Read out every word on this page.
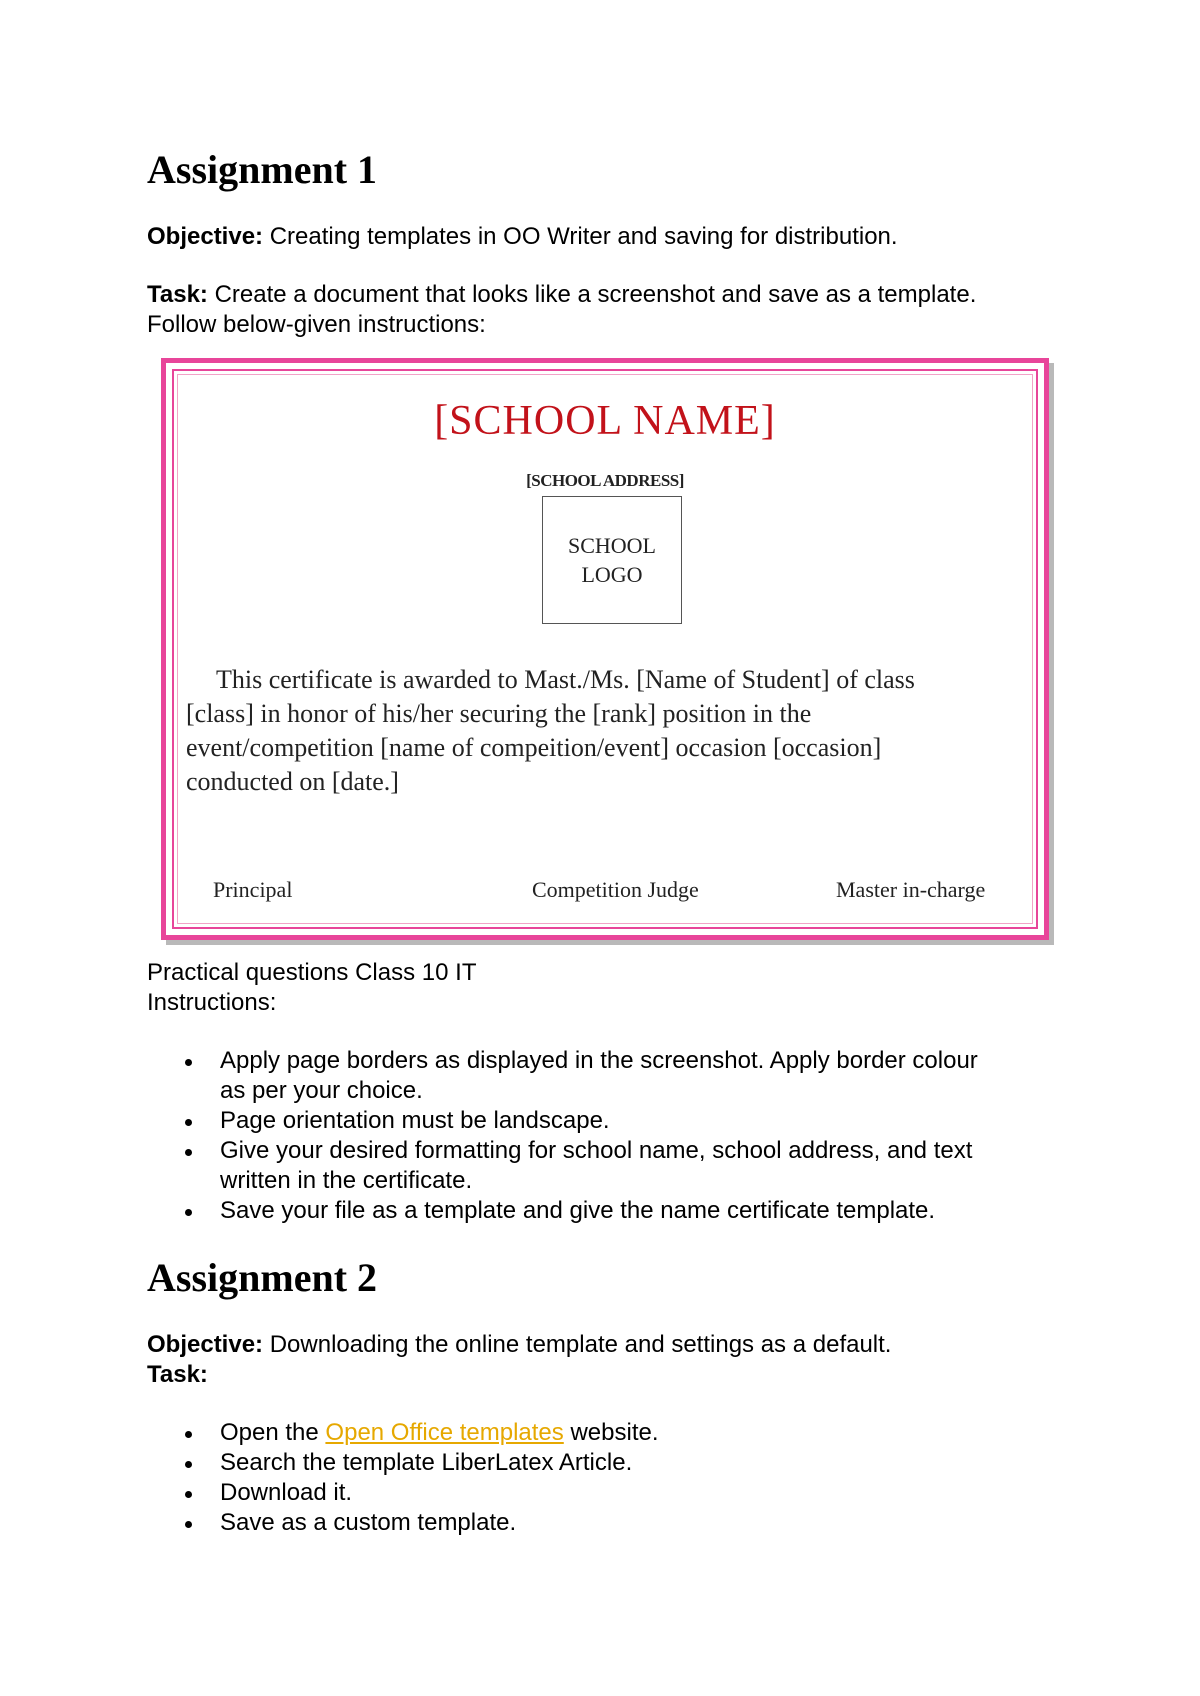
Assignment 1
Objective: Creating templates in OO Writer and saving for distribution.
Task: Create a document that looks like a screenshot and save as a template.
Follow below-given instructions:
[SCHOOL NAME]
[SCHOOL ADDRESS]
SCHOOL
LOGO
This certificate is awarded to Mast./Ms. [Name of Student] of class
[class] in honor of his/her securing the [rank] position in the
event/competition [name of compeition/event] occasion [occasion]
conducted on [date.]
Principal	Competition Judge	Master in-charge
Practical questions Class 10 IT
Instructions:
Apply page borders as displayed in the screenshot. Apply border colour
as per your choice.
Page orientation must be landscape.
Give your desired formatting for school name, school address, and text
written in the certificate.
Save your file as a template and give the name certificate template.
Assignment 2
Objective: Downloading the online template and settings as a default.
Task:
Open the Open Office templates website.
Search the template LiberLatex Article.
Download it.
Save as a custom template.
